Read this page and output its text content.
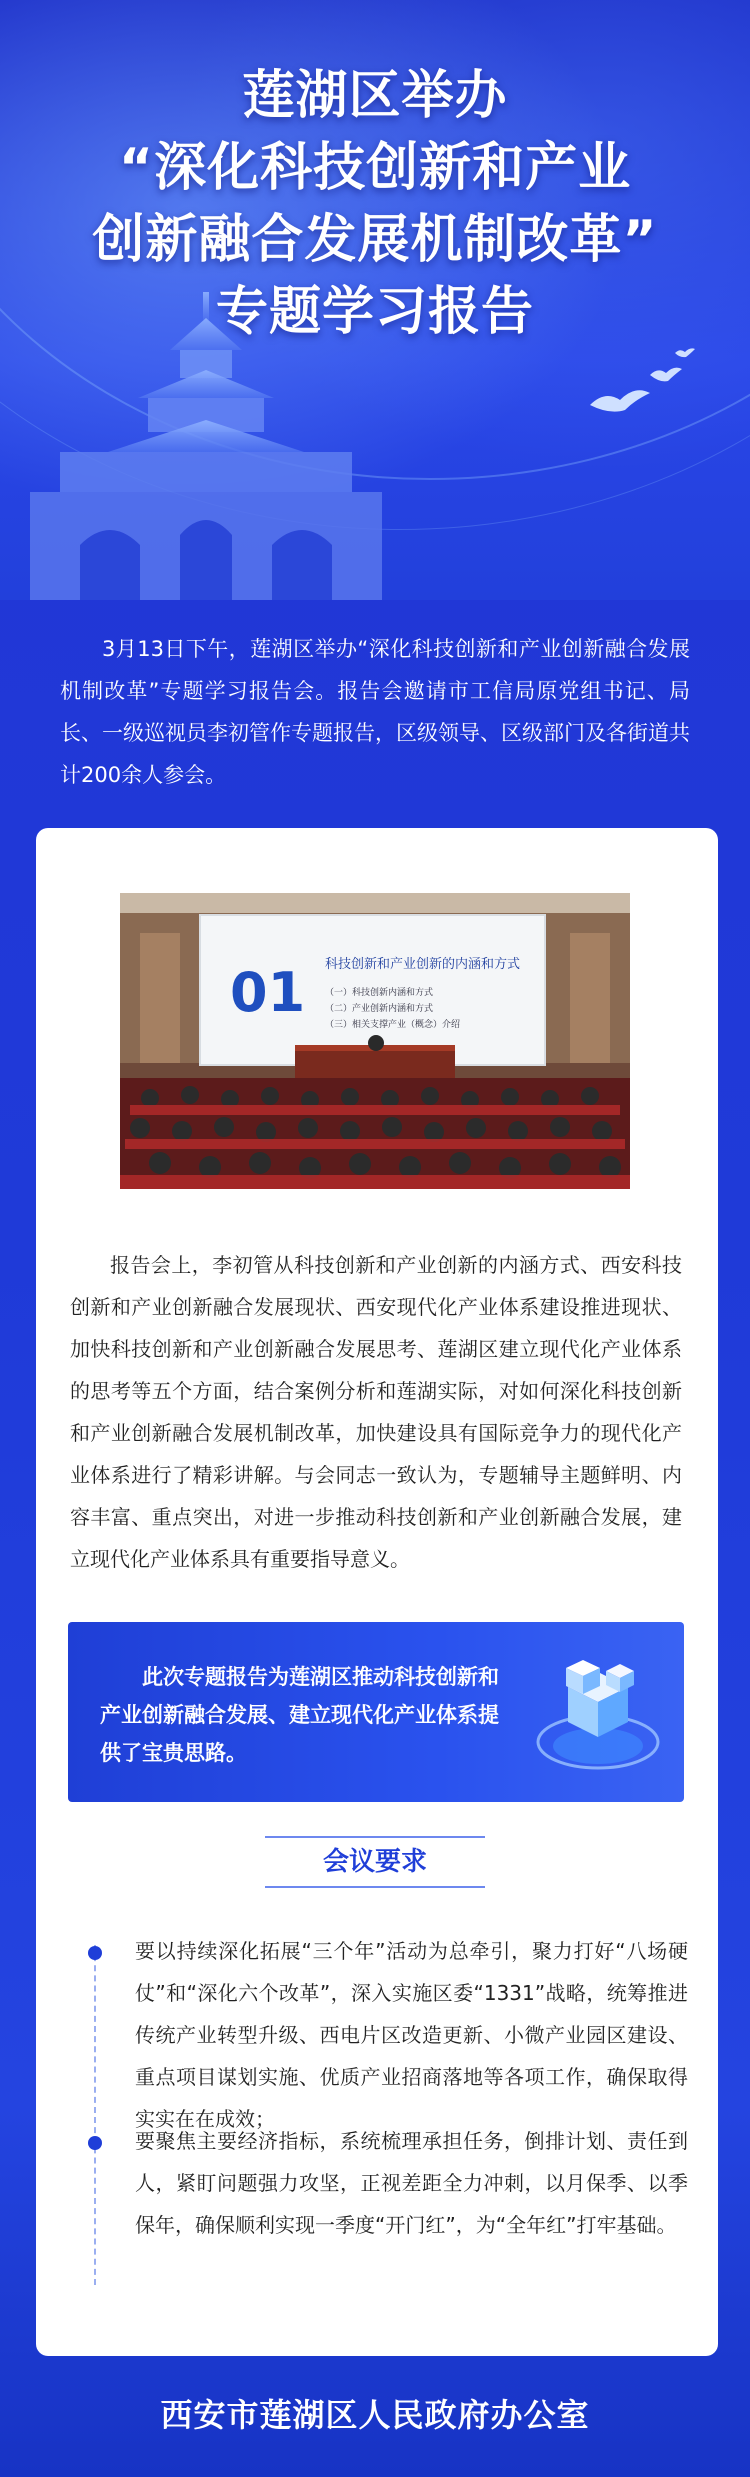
莲湖区举办
“深化科技创新和产业
创新融合发展机制改革”
专题学习报告

3月13日下午，莲湖区举办“深化科技创新和产业创新融合发展机制改革”专题学习报告会。报告会邀请市工信局原党组书记、局长、一级巡视员李初管作专题报告，区级领导、区级部门及各街道共计200余人参会。

01 科技创新和产业创新的内涵和方式
（一）科技创新内涵和方式
（二）产业创新内涵和方式
（三）相关支撑产业（概念）介绍

报告会上，李初管从科技创新和产业创新的内涵方式、西安科技创新和产业创新融合发展现状、西安现代化产业体系建设推进现状、加快科技创新和产业创新融合发展思考、莲湖区建立现代化产业体系的思考等五个方面，结合案例分析和莲湖实际，对如何深化科技创新和产业创新融合发展机制改革，加快建设具有国际竞争力的现代化产业体系进行了精彩讲解。与会同志一致认为，专题辅导主题鲜明、内容丰富、重点突出，对进一步推动科技创新和产业创新融合发展，建立现代化产业体系具有重要指导意义。

此次专题报告为莲湖区推动科技创新和产业创新融合发展、建立现代化产业体系提供了宝贵思路。

会议要求

要以持续深化拓展“三个年”活动为总牵引，聚力打好“八场硬仗”和“深化六个改革”，深入实施区委“1331”战略，统筹推进传统产业转型升级、西电片区改造更新、小微产业园区建设、重点项目谋划实施、优质产业招商落地等各项工作，确保取得实实在在成效；

要聚焦主要经济指标，系统梳理承担任务，倒排计划、责任到人，紧盯问题强力攻坚，正视差距全力冲刺，以月保季、以季保年，确保顺利实现一季度“开门红”，为“全年红”打牢基础。

西安市莲湖区人民政府办公室
